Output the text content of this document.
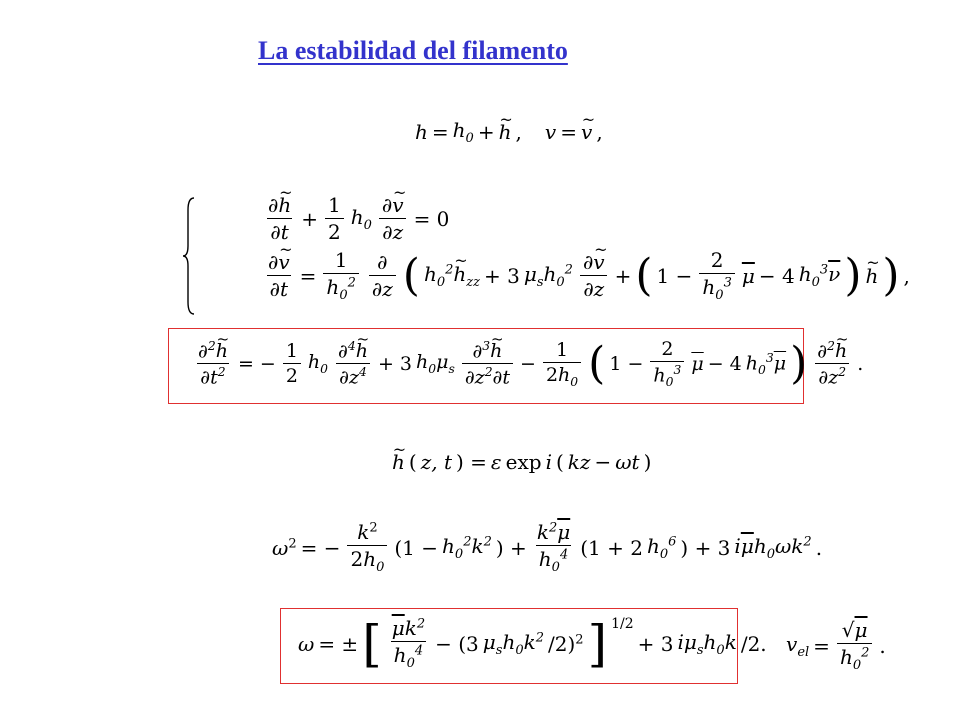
La estabilidad del filamento
$h = h_0$ + ~ h , v = ~ v ,
$\frac{\partial\sim h}{\partial t} + \frac{1}{2} h_0 \frac{\partial\sim v}{\partial z} = 0$
$\frac{\partial\sim v}{\partial t} = \frac{1}{h_0^2} \frac{\partial}{\partial z}$ ( $h_0^2\sim$ $h_{zz} + 3$ $\mu_sh_0^2 \frac{\partial\sim v}{\partial z}$ + ( $1 - \frac{2}{h_0^3} \overline{\mu} - 4$ $h_0^3\overline{\nu}$ ) ~ h ) ,
$\frac{\partial^2\sim h}{\partial t^2}$ = − $\frac{1}{2} h_0 \frac{\partial^4\sim h}{\partial z^4} + 3$ $h_0\mu_s \frac{\partial^3\sim h}{\partial z^2\partial t} - \frac{1}{2h_0}$ ( $1 - \frac{2}{h_0^3} \overline{\mu} - 4$ $h_0^3\overline{\mu}$ ) $\frac{\partial^2\sim h}{\partial z^2}$ .
~ h ( z, t ) = ε exp i ( kz − ωt )
$\omega^2$ = − $\frac{k^2}{2h_0} (1 - h_0^2k^2$ ) + $\frac{k^2\overline{\mu}}{h_0^4} (1 + 2$ $h_0^6$ ) + 3 $i\overline{\mu}h_0\omega k^2$ .
ω = ± [ $\frac{\overline{\mu}k^2}{h_0^4} - (3$ $\mu_sh_0k^2$ /2)$^2$ ] 1/2
+ 3 $i\mu_sh_0k$ /2. $v_{el} = \frac{√\mu}{h_0^2}$ .
